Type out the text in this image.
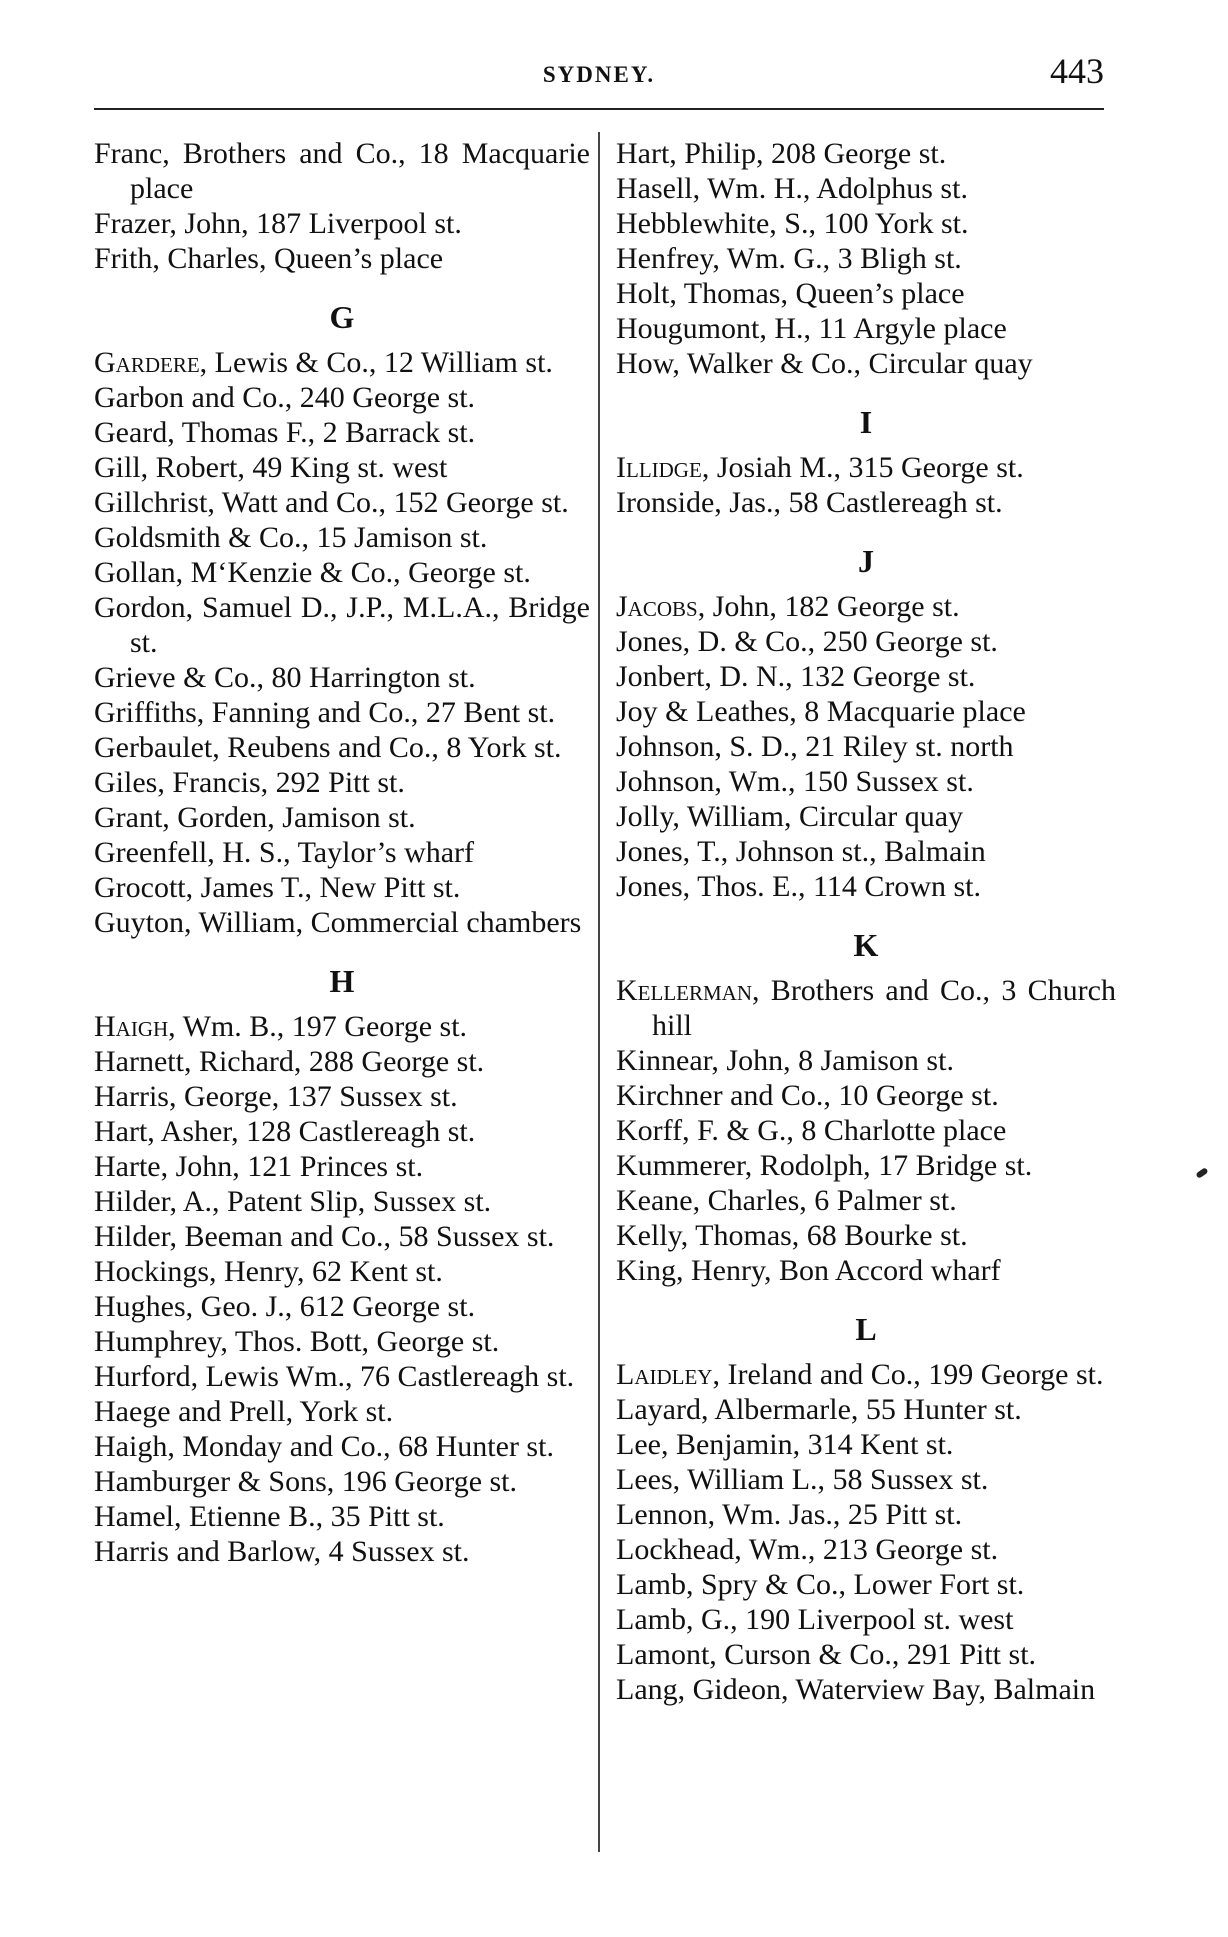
SYDNEY.	443

Franc, Brothers and Co., 18 Macquarie place

Frazer, John, 187 Liverpool st.

Frith, Charles, Queen’s place

G

Gardere, Lewis & Co., 12 William st.

Garbon and Co., 240 George st.

Geard, Thomas F., 2 Barrack st.

Gill, Robert, 49 King st. west

Gillchrist, Watt and Co., 152 George st.

Goldsmith & Co., 15 Jamison st.

Gollan, M‘Kenzie & Co., George st.

Gordon, Samuel D., J.P., M.L.A., Bridge st.

Grieve & Co., 80 Harrington st.

Griffiths, Fanning and Co., 27 Bent st.

Gerbaulet, Reubens and Co., 8 York st.

Giles, Francis, 292 Pitt st.

Grant, Gorden, Jamison st.

Greenfell, H. S., Taylor’s wharf

Grocott, James T., New Pitt st.

Guyton, William, Commercial chambers

H

Haigh, Wm. B., 197 George st.

Harnett, Richard, 288 George st.

Harris, George, 137 Sussex st.

Hart, Asher, 128 Castlereagh st.

Harte, John, 121 Princes st.

Hilder, A., Patent Slip, Sussex st.

Hilder, Beeman and Co., 58 Sussex st.

Hockings, Henry, 62 Kent st.

Hughes, Geo. J., 612 George st.

Humphrey, Thos. Bott, George st.

Hurford, Lewis Wm., 76 Castlereagh st.

Haege and Prell, York st.

Haigh, Monday and Co., 68 Hunter st.

Hamburger & Sons, 196 George st.

Hamel, Etienne B., 35 Pitt st.

Harris and Barlow, 4 Sussex st.

Hart, Philip, 208 George st.

Hasell, Wm. H., Adolphus st.

Hebblewhite, S., 100 York st.

Henfrey, Wm. G., 3 Bligh st.

Holt, Thomas, Queen’s place

Hougumont, H., 11 Argyle place

How, Walker & Co., Circular quay

I

Illidge, Josiah M., 315 George st.

Ironside, Jas., 58 Castlereagh st.

J

Jacobs, John, 182 George st.

Jones, D. & Co., 250 George st.

Jonbert, D. N., 132 George st.

Joy & Leathes, 8 Macquarie place

Johnson, S. D., 21 Riley st. north

Johnson, Wm., 150 Sussex st.

Jolly, William, Circular quay

Jones, T., Johnson st., Balmain

Jones, Thos. E., 114 Crown st.

K

Kellerman, Brothers and Co., 3 Church hill

Kinnear, John, 8 Jamison st.

Kirchner and Co., 10 George st.

Korff, F. & G., 8 Charlotte place

Kummerer, Rodolph, 17 Bridge st.

Keane, Charles, 6 Palmer st.

Kelly, Thomas, 68 Bourke st.

King, Henry, Bon Accord wharf

L

Laidley, Ireland and Co., 199 George st.

Layard, Albermarle, 55 Hunter st.

Lee, Benjamin, 314 Kent st.

Lees, William L., 58 Sussex st.

Lennon, Wm. Jas., 25 Pitt st.

Lockhead, Wm., 213 George st.

Lamb, Spry & Co., Lower Fort st.

Lamb, G., 190 Liverpool st. west

Lamont, Curson & Co., 291 Pitt st.

Lang, Gideon, Waterview Bay, Balmain
